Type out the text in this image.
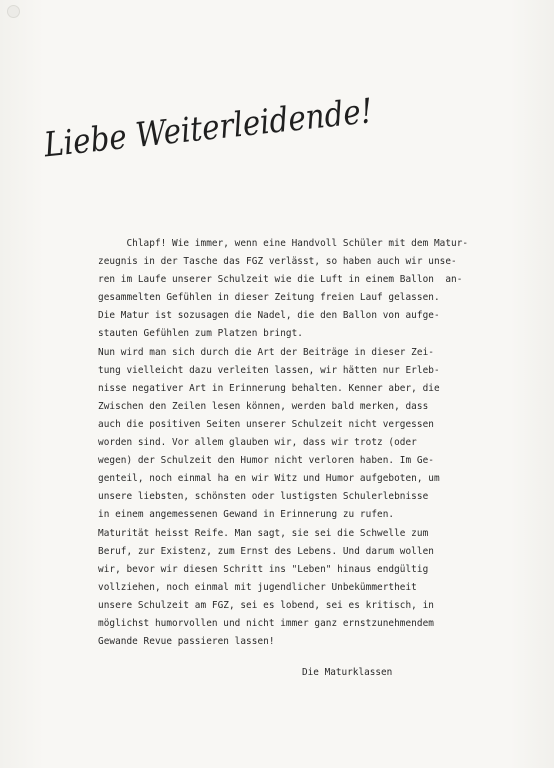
Liebe Weiterleidende!
Chlapf! Wie immer, wenn eine Handvoll Schüler mit dem Matur-
zeugnis in der Tasche das FGZ verlässt, so haben auch wir unse-
ren im Laufe unserer Schulzeit wie die Luft in einem Ballon  an-
gesammelten Gefühlen in dieser Zeitung freien Lauf gelassen.
Die Matur ist sozusagen die Nadel, die den Ballon von aufge-
stauten Gefühlen zum Platzen bringt.
Nun wird man sich durch die Art der Beiträge in dieser Zei-
tung vielleicht dazu verleiten lassen, wir hätten nur Erleb-
nisse negativer Art in Erinnerung behalten. Kenner aber, die
Zwischen den Zeilen lesen können, werden bald merken, dass
auch die positiven Seiten unserer Schulzeit nicht vergessen
worden sind. Vor allem glauben wir, dass wir trotz (oder
wegen) der Schulzeit den Humor nicht verloren haben. Im Ge-
genteil, noch einmal ha en wir Witz und Humor aufgeboten, um
unsere liebsten, schönsten oder lustigsten Schulerlebnisse
in einem angemessenen Gewand in Erinnerung zu rufen.
Maturität heisst Reife. Man sagt, sie sei die Schwelle zum
Beruf, zur Existenz, zum Ernst des Lebens. Und darum wollen
wir, bevor wir diesen Schritt ins "Leben" hinaus endgültig
vollziehen, noch einmal mit jugendlicher Unbekümmertheit
unsere Schulzeit am FGZ, sei es lobend, sei es kritisch, in
möglichst humorvollen und nicht immer ganz ernstzunehmendem
Gewande Revue passieren lassen!
Die Maturklassen
